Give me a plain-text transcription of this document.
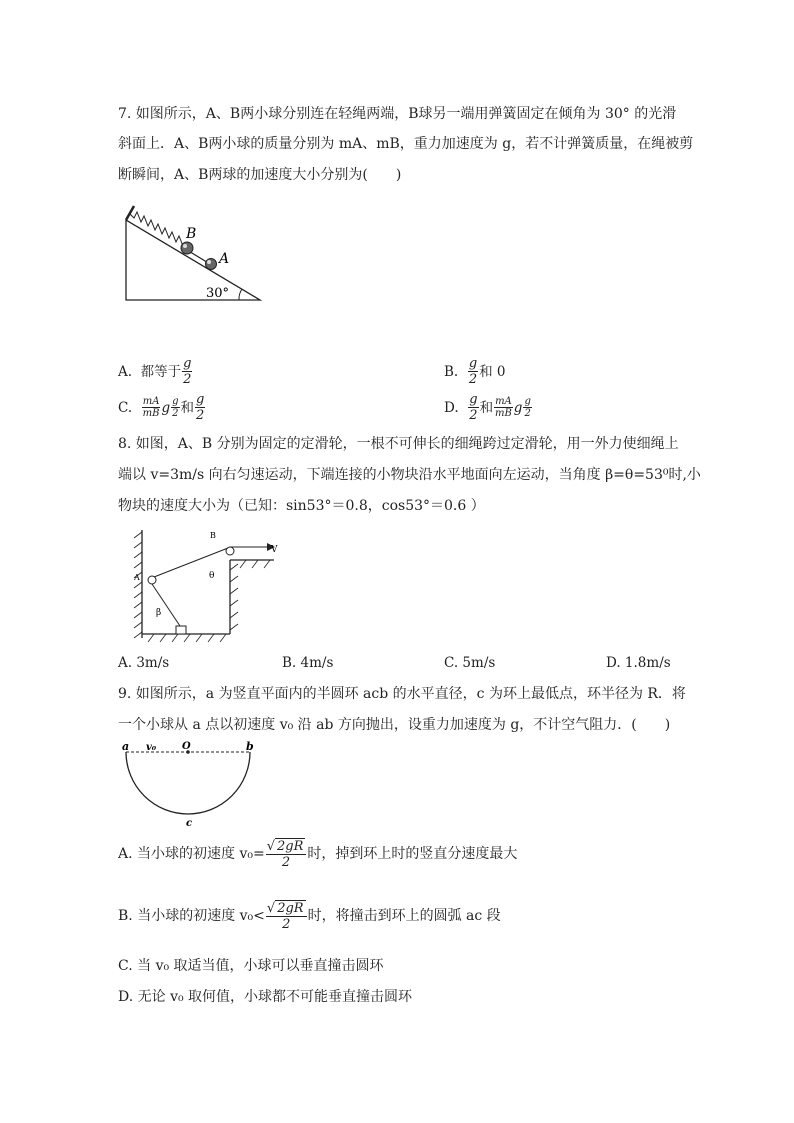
7. 如图所示，A、B两小球分别连在轻绳两端，B球另一端用弹簧固定在倾角为 30° 的光滑
斜面上．A、B两小球的质量分别为 mA、mB，重力加速度为 g，若不计弹簧质量，在绳被剪
断瞬间，A、B两球的加速度大小分别为(　　)
B
A
30°
A.
都等于 $\frac{g}{2}$	B.
$\frac{g}{2}$ 和 0
C.
$\frac{mA}{mB}$ g $\frac{g}{2}$ 和 $\frac{g}{2}$	D.
$\frac{g}{2}$ 和 $\frac{mA}{mB}$ g $\frac{g}{2}$
8. 如图，A、B 分别为固定的定滑轮，一根不可伸长的细绳跨过定滑轮，用一外力使细绳上
端以 v=3m/s 向右匀速运动，下端连接的小物块沿水平地面向左运动，当角度 β=θ=53⁰时,小
物块的速度大小为（已知：sin53°＝0.8，cos53°＝0.6 ）
A
B
V
θ
β
A. 3m/s	B. 4m/s	C. 5m/s	D. 1.8m/s
9. 如图所示，a 为竖直平面内的半圆环 acb 的水平直径，c 为环上最低点，环半径为 R．将
一个小球从 a 点以初速度 v₀ 沿 ab 方向抛出，设重力加速度为 g，不计空气阻力．(　　)
a v₀	O	b
c
A. 当小球的初速度 $v_0= \frac{√ 2gR}{2}$ 时，掉到环上时的竖直分速度最大
B. 当小球的初速度 $v_0< \frac{√ 2gR}{2}$ 时，将撞击到环上的圆弧 ac 段
C. 当 v₀ 取适当值，小球可以垂直撞击圆环
D. 无论 v₀ 取何值，小球都不可能垂直撞击圆环
